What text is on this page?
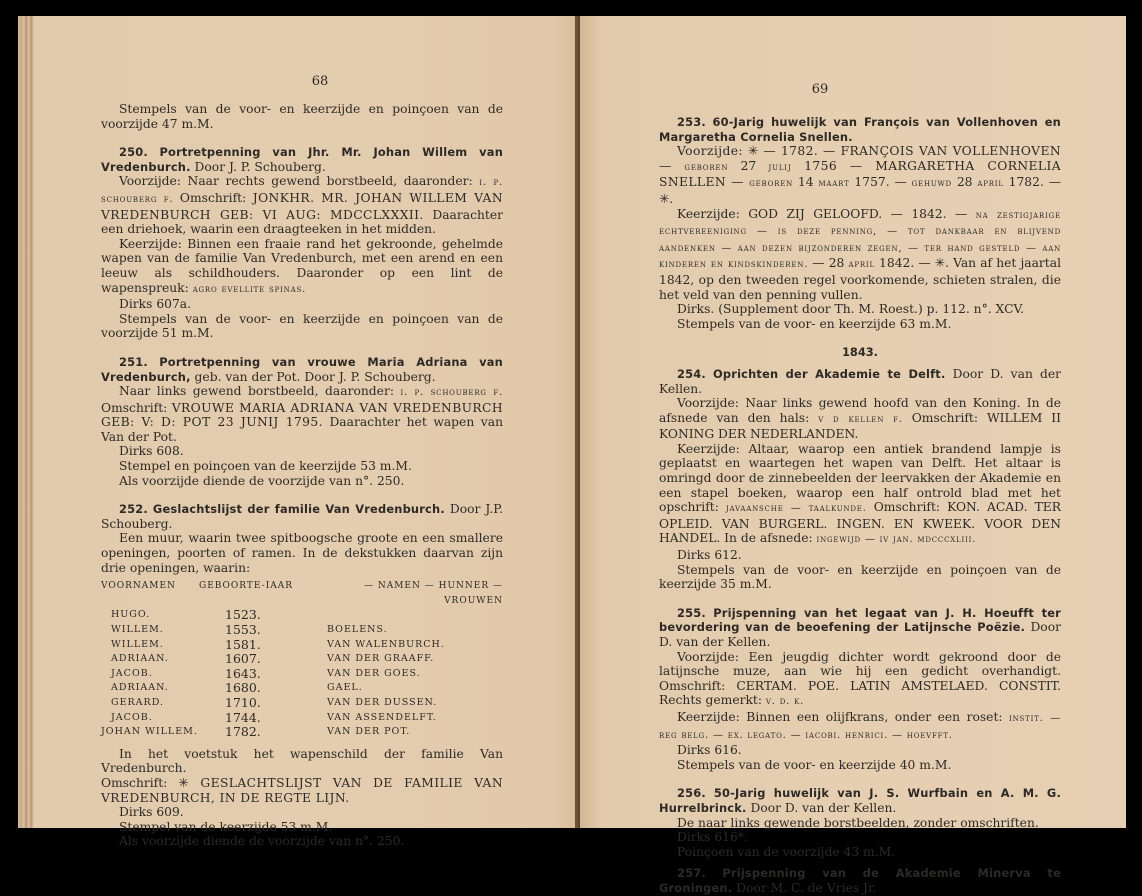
68

Stempels van de voor- en keerzijde en poinçoen van de voorzijde 47 m.M.

250. Portretpenning van Jhr. Mr. Johan Willem van Vredenburch. Door J. P. Schouberg.

Voorzijde: Naar rechts gewend borstbeeld, daaronder: i. p. schouberg f. Omschrift: JONKHR. MR. JOHAN WILLEM VAN VREDENBURCH GEB: VI AUG: MDCCLXXXII. Daarachter een driehoek, waarin een draagteeken in het midden.

Keerzijde: Binnen een fraaie rand het gekroonde, gehelmde wapen van de familie Van Vredenburch, met een arend en een leeuw als schildhouders. Daaronder op een lint de wapenspreuk: agro evellite spinas.

Dirks 607a.

Stempels van de voor- en keerzijde en poinçoen van de voorzijde 51 m.M.

251. Portretpenning van vrouwe Maria Adriana van Vredenburch, geb. van der Pot. Door J. P. Schouberg.

Naar links gewend borstbeeld, daaronder: i. p. schouberg f. Omschrift: VROUWE MARIA ADRIANA VAN VREDENBURCH GEB: V: D: POT 23 JUNIJ 1795. Daarachter het wapen van Van der Pot.

Dirks 608.

Stempel en poinçoen van de keerzijde 53 m.M.

Als voorzijde diende de voorzijde van n°. 250.

252. Geslachtslijst der familie Van Vredenburch. Door J.P. Schouberg.

Een muur, waarin twee spitboogsche groote en een smallere openingen, poorten of ramen. In de dekstukken daarvan zijn drie openingen, waarin:

VOORNAMEN	GEBOORTE-IAAR	— NAMEN — HUNNER — VROUWEN
HUGO.	1523.	
WILLEM.	1553.	BOELENS.
WILLEM.	1581.	VAN WALENBURCH.
ADRIAAN.	1607.	VAN DER GRAAFF.
JACOB.	1643.	VAN DER GOES.
ADRIAAN.	1680.	GAEL.
GERARD.	1710.	VAN DER DUSSEN.
JACOB.	1744.	VAN ASSENDELFT.
JOHAN WILLEM.	1782.	VAN DER POT.

In het voetstuk het wapenschild der familie Van Vredenburch.

Omschrift: ✳ GESLACHTSLIJST VAN DE FAMILIE VAN VREDENBURCH, IN DE REGTE LIJN.

Dirks 609.

Stempel van de keerzijde 53 m.M.

Als voorzijde diende de voorzijde van n°. 250.

69

253. 60-Jarig huwelijk van François van Vollenhoven en Margaretha Cornelia Snellen.

Voorzijde: ✳ — 1782. — FRANÇOIS VAN VOLLENHOVEN — geboren 27 julij 1756 — MARGARETHA CORNELIA SNELLEN — geboren 14 maart 1757. — gehuwd 28 april 1782. — ✳.

Keerzijde: GOD ZIJ GELOOFD. — 1842. — na zestigjarige echtvereeniging — is deze penning, — tot dankbaar en blijvend aandenken — aan dezen bijzonderen zegen, — ter hand gesteld — aan kinderen en kindskinderen. — 28 april 1842. — ✳. Van af het jaartal 1842, op den tweeden regel voorkomende, schieten stralen, die het veld van den penning vullen.

Dirks. (Supplement door Th. M. Roest.) p. 112. n°. XCV.

Stempels van de voor- en keerzijde 63 m.M.

1843.

254. Oprichten der Akademie te Delft. Door D. van der Kellen.

Voorzijde: Naar links gewend hoofd van den Koning. In de afsnede van den hals: v d kellen f. Omschrift: WILLEM II KONING DER NEDERLANDEN.

Keerzijde: Altaar, waarop een antiek brandend lampje is geplaatst en waartegen het wapen van Delft. Het altaar is omringd door de zinnebeelden der leervakken der Akademie en een stapel boeken, waarop een half ontrold blad met het opschrift: javaansche — taalkunde. Omschrift: KON. ACAD. TER OPLEID. VAN BURGERL. INGEN. EN KWEEK. VOOR DEN HANDEL. In de afsnede: ingewijd — iv jan. mdcccxliii.

Dirks 612.

Stempels van de voor- en keerzijde en poinçoen van de keerzijde 35 m.M.

255. Prijspenning van het legaat van J. H. Hoeufft ter bevordering van de beoefening der Latijnsche Poëzie. Door D. van der Kellen.

Voorzijde: Een jeugdig dichter wordt gekroond door de latijnsche muze, aan wie hij een gedicht overhandigt. Omschrift: CERTAM. POE. LATIN AMSTELAED. CONSTIT. Rechts gemerkt: v. d. k.

Keerzijde: Binnen een olijfkrans, onder een roset: instit. — reg belg. — ex. legato. — iacobi. henrici. — hoevfft.

Dirks 616.

Stempels van de voor- en keerzijde 40 m.M.

256. 50-Jarig huwelijk van J. S. Wurfbain en A. M. G. Hurrelbrinck. Door D. van der Kellen.

De naar links gewende borstbeelden, zonder omschriften.

Dirks 616*.

Poinçoen van de voorzijde 43 m.M.

257. Prijspenning van de Akademie Minerva te Groningen. Door M. C. de Vries Jr.
